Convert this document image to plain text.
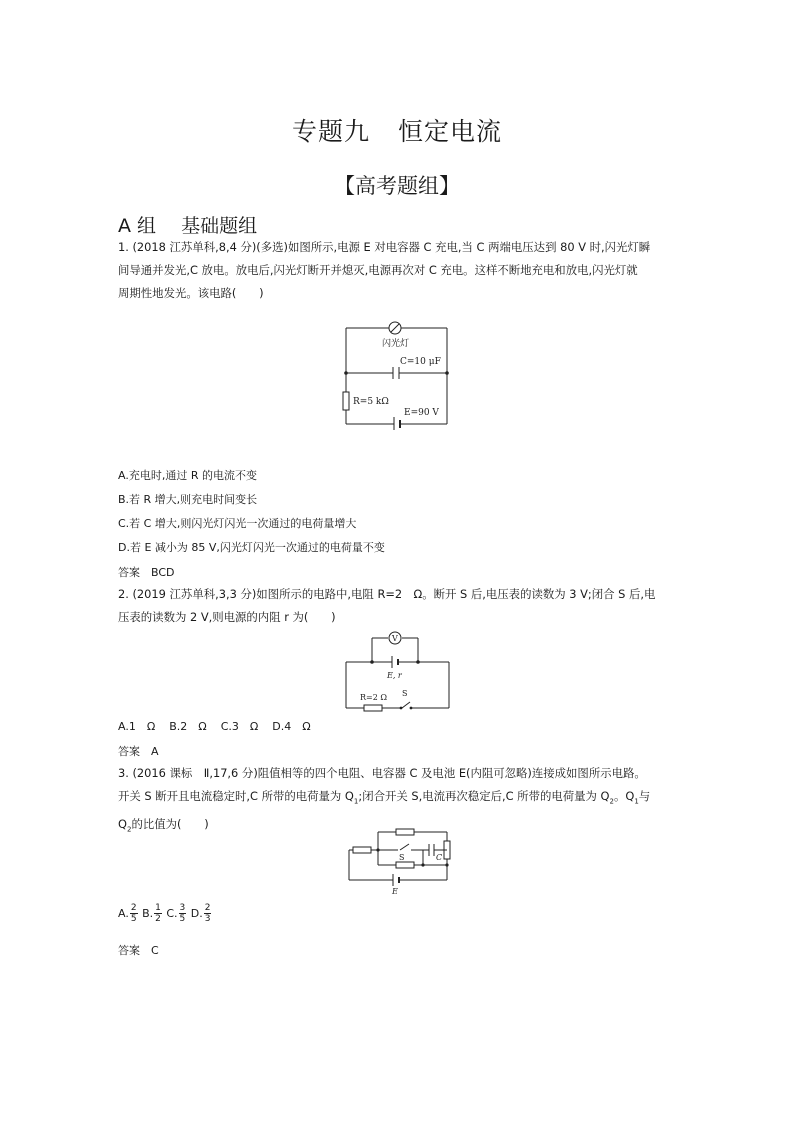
专题九 恒定电流
【高考题组】
A 组　 基础题组
1. (2018 江苏单科,8,4 分)(多选)如图所示,电源 E 对电容器 C 充电,当 C 两端电压达到 80 V 时,闪光灯瞬
间导通并发光,C 放电。放电后,闪光灯断开并熄灭,电源再次对 C 充电。这样不断地充电和放电,闪光灯就
周期性地发光。该电路(　　)
闪光灯
C=10 μF
R=5 kΩ
E=90 V
A.充电时,通过 R 的电流不变
B.若 R 增大,则充电时间变长
C.若 C 增大,则闪光灯闪光一次通过的电荷量增大
D.若 E 减小为 85 V,闪光灯闪光一次通过的电荷量不变
答案　BCD
2. (2019 江苏单科,3,3 分)如图所示的电路中,电阻 R=2　Ω。断开 S 后,电压表的读数为 3 V;闭合 S 后,电
压表的读数为 2 V,则电源的内阻 r 为(　　)
V
E, r
R=2 Ω S
A.1　Ω B.2　Ω C.3　Ω D.4　Ω
答案　A
3. (2016 课标　Ⅱ,17,6 分)阻值相等的四个电阻、电容器 C 及电池 E(内阻可忽略)连接成如图所示电路。
开关 S 断开且电流稳定时,C 所带的电荷量为 $Q_1$;闭合开关 S,电流再次稳定后,C 所带的电荷量为 $Q_2$。$Q_1$与
$Q_2$的比值为(　　)
S	C
E
A. $\frac{2}{5} B$. $\frac{1}{2} C$. $\frac{3}{5} D$. $\frac{2}{3}$
答案　C
